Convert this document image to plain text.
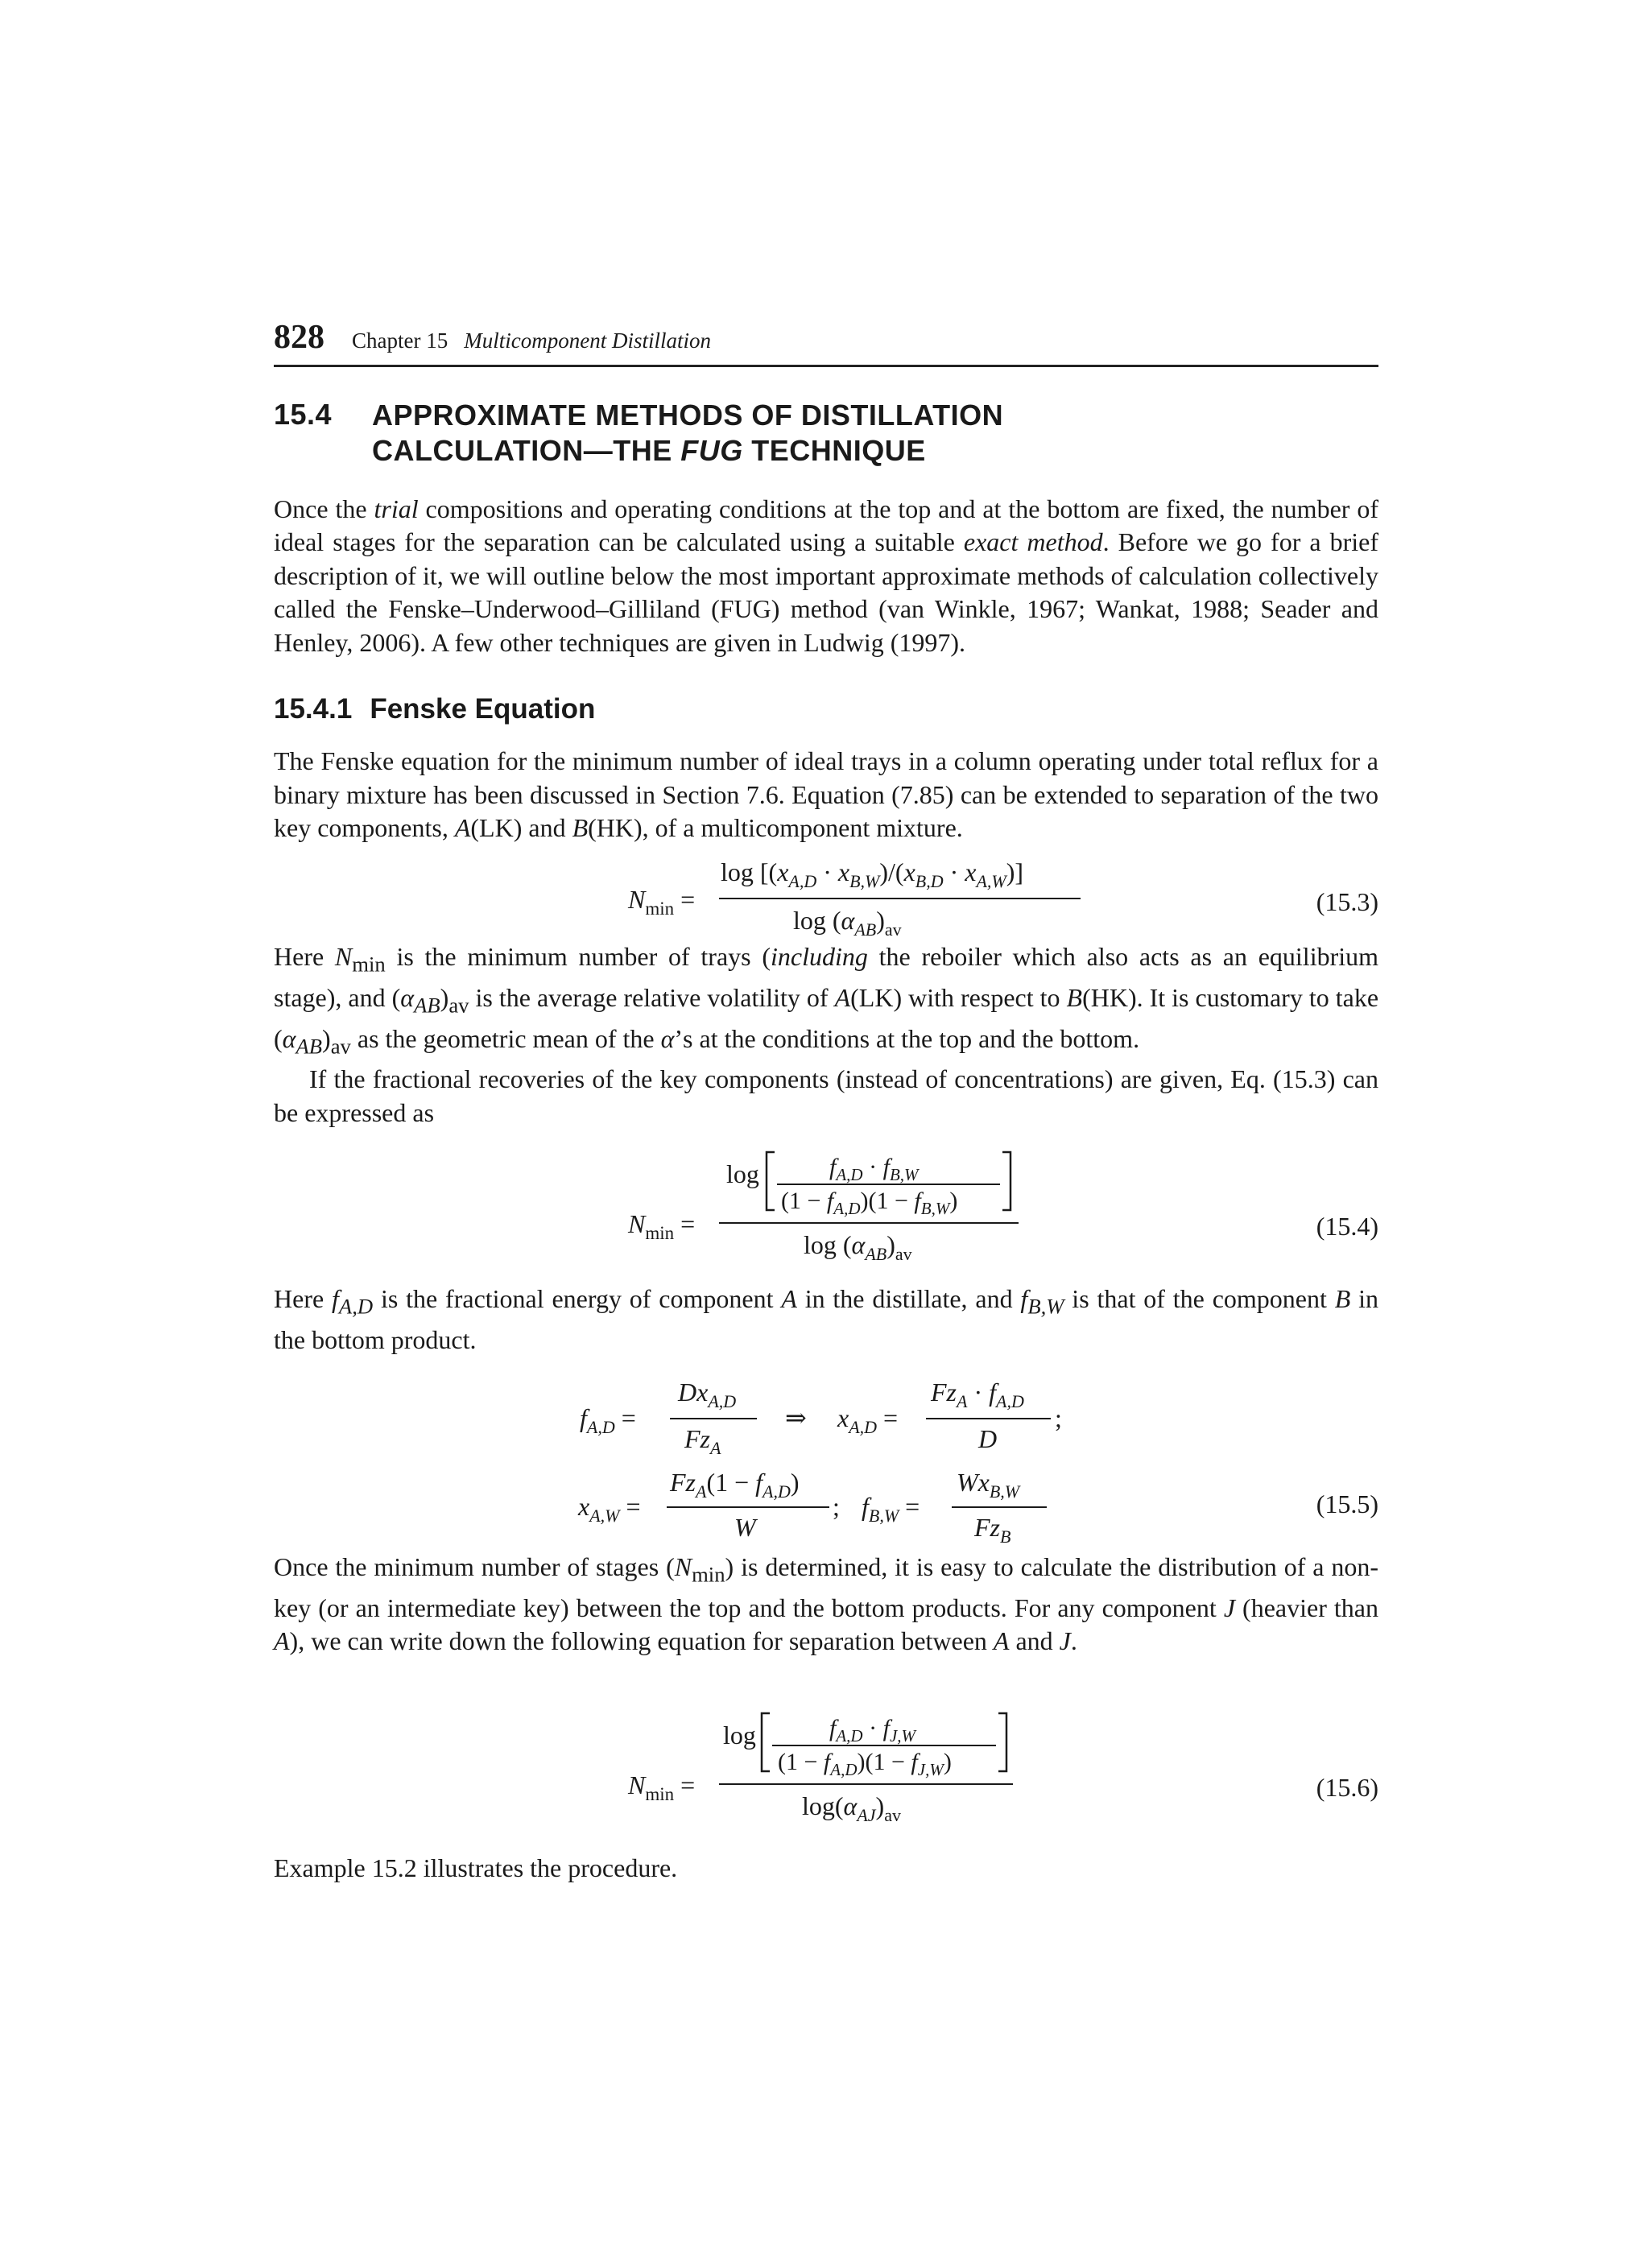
828 Chapter 15 Multicomponent Distillation
15.4	APPROXIMATE METHODS OF DISTILLATION
CALCULATION—THE FUG TECHNIQUE

Once the trial compositions and operating conditions at the top and at the bottom are fixed, the number of ideal stages for the separation can be calculated using a suitable exact method. Before we go for a brief description of it, we will outline below the most important approximate methods of calculation collectively called the Fenske–Underwood–Gilliland (FUG) method (van Winkle, 1967; Wankat, 1988; Seader and Henley, 2006). A few other techniques are given in Ludwig (1997).

15.4.1 Fenske Equation

The Fenske equation for the minimum number of ideal trays in a column operating under total reflux for a binary mixture has been discussed in Section 7.6. Equation (7.85) can be extended to separation of the two key components, A(LK) and B(HK), of a multicomponent mixture.

$N_{min}$ =
$\log [(x_{A,D} \cdot x_{B,W})/(x_{B,D} \cdot x_{A,W})]$
$\log (\alpha_{AB})_{av}$
(15.3)

Here $N_{min}$ is the minimum number of trays (including the reboiler which also acts as an equilibrium stage), and $(\alpha_{AB})_{av}$ is the average relative volatility of A(LK) with respect to B(HK). It is customary to take $(\alpha_{AB})_{av}$ as the geometric mean of the α’s at the conditions at the top and the bottom.

If the fractional recoveries of the key components (instead of concentrations) are given, Eq. (15.3) can be expressed as

$N_{min}$ =
log	$f_{A,D} \cdot f_{B,W}$
$(1 - f_{A,D})(1 - f_{B,W})$
$\log (\alpha_{AB})_{av}$
(15.4)

Here $f_{A,D}$ is the fractional energy of component A in the distillate, and $f_{B,W}$ is that of the component B in the bottom product.

$f_{A,D}$ =
$Dx_{A,D}$
$Fz_A$
⇒ $x_{A,D}$ =
$Fz_A \cdot f_{A,D}$
D
;
$x_{A,W}$ =
$Fz_A(1 - f_{A,D})$
W
; $f_{B,W}$ =
$Wx_{B,W}$
$Fz_B$
(15.5)

Once the minimum number of stages $(N_{min})$ is determined, it is easy to calculate the distribution of a non-key (or an intermediate key) between the top and the bottom products. For any component J (heavier than A), we can write down the following equation for separation between A and J.

$N_{min}$ =
log	$f_{A,D} \cdot f_{J,W}$
$(1 - f_{A,D})(1 - f_{J,W})$
$\log(\alpha_{AJ})_{av}$
(15.6)

Example 15.2 illustrates the procedure.
